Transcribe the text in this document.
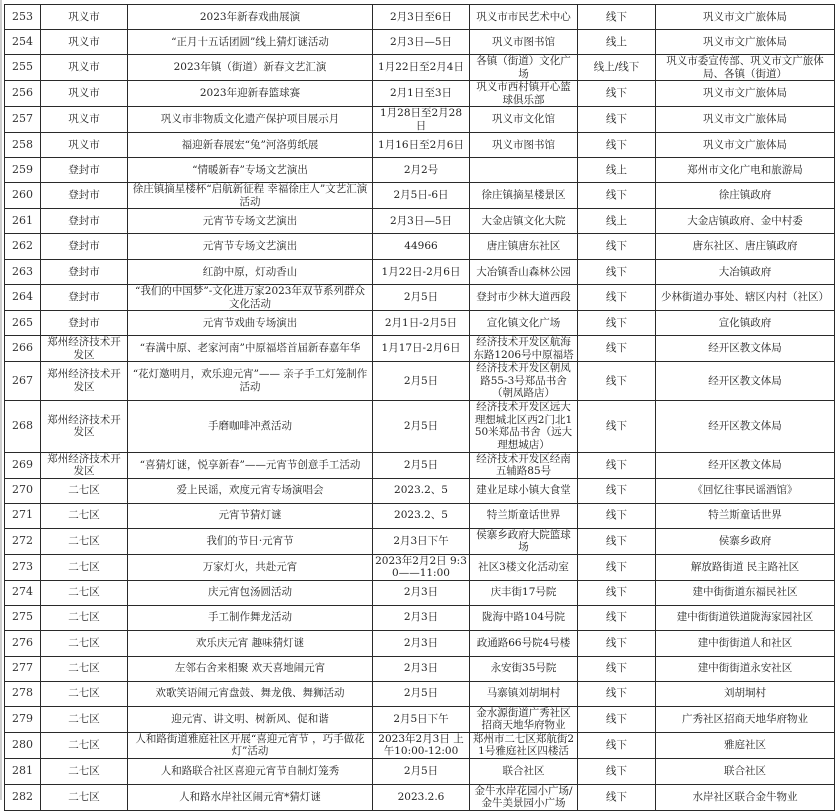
253	巩义市	2023年新春戏曲展演	2月3日至6日	巩义市市民艺术中心	线下	巩义市文广旅体局
254	巩义市	“正月十五话团圆”线上猜灯谜活动	2月3日—5日	巩义市图书馆	线上	巩义市文广旅体局
255	巩义市	2023年镇（街道）新春文艺汇演	1月22日至2月4日	各镇（街道）文化广场	线上/线下	巩义市委宣传部、巩义市文广旅体局、各镇（街道）
256	巩义市	2023年迎新春篮球赛	2月1日至3日	巩义市西村镇开心篮球俱乐部	线下	巩义市文广旅体局
257	巩义市	巩义市非物质文化遗产保护项目展示月	1月28日至2月28日	巩义市文化馆	线下	巩义市文广旅体局
258	巩义市	福迎新春展宏“兔”河洛剪纸展	1月16日至2月6日	巩义市图书馆	线下	巩义市文广旅体局
259	登封市	“情暖新春”专场文艺演出	2月2号		线上	郑州市文化广电和旅游局
260	登封市	徐庄镇摘星楼杯“启航新征程 幸福徐庄人”文艺汇演活动	2月5日-6日	徐庄镇摘星楼景区	线下	徐庄镇政府
261	登封市	元宵节专场文艺演出	2月3日—5日	大金店镇文化大院	线上	大金店镇政府、金中村委
262	登封市	元宵节专场文艺演出	44966	唐庄镇唐东社区	线下	唐东社区、唐庄镇政府
263	登封市	红韵中原，灯动香山	1月22日-2月6日	大冶镇香山森林公园	线下	大冶镇政府
264	登封市	“我们的中国梦”-文化进万家2023年双节系列群众文化活动	2月5日	登封市少林大道西段	线下	少林街道办事处、辖区内村（社区）
265	登封市	元宵节戏曲专场演出	2月1日-2月5日	宣化镇文化广场	线下	宣化镇政府
266	郑州经济技术开发区	“春满中原、老家河南”中原福塔首届新春嘉年华	1月17日-2月6日	经济技术开发区航海东路1206号中原福塔	线下	经开区教文体局
267	郑州经济技术开发区	“花灯邀明月，欢乐迎元宵”—— 亲子手工灯笼制作活动	2月5日	经济技术开发区朝凤路55-3号郑品书舍（朝凤路店）	线下	经开区教文体局
268	郑州经济技术开发区	手磨咖啡冲煮活动	2月5日	经济技术开发区远大理想城北区西2门北150米郑品书舍（远大理想城店）	线下	经开区教文体局
269	郑州经济技术开发区	“喜猜灯谜，悦享新春”——元宵节创意手工活动	2月5日	经济技术开发区经南五辅路85号	线下	经开区教文体局
270	二七区	爱上民谣，欢度元宵专场演唱会	2023.2、5	建业足球小镇大食堂	线下	《回忆往事民谣酒馆》
271	二七区	元宵节猜灯谜	2023.2、5	特兰斯童话世界	线下	特兰斯童话世界
272	二七区	我们的节日·元宵节	2月3日下午	侯寨乡政府大院篮球场	线下	侯寨乡政府
273	二七区	万家灯火，共赴元宵	2023年2月2日 9:30——11:00	社区3楼文化活动室	线下	解放路街道 民主路社区
274	二七区	庆元宵包汤圆活动	2月3日	庆丰街17号院	线下	建中街街道东福民社区
275	二七区	手工制作舞龙活动	2月3日	陇海中路104号院	线下	建中街街道铁道陇海家园社区
276	二七区	欢乐庆元宵 趣味猜灯谜	2月3日	政通路66号院4号楼	线下	建中街街道人和社区
277	二七区	左邻右舍来相聚 欢天喜地闹元宵	2月3日	永安街35号院	线下	建中街街道永安社区
278	二七区	欢歌笑语闹元宵盘鼓、舞龙俄、舞狮活动	2月5日	马寨镇刘胡垌村	线下	刘胡垌村
279	二七区	迎元宵、讲文明、树新风、促和谐	2月5日下午	金水源街道广秀社区招商天地华府物业	线下	广秀社区招商天地华府物业
280	二七区	人和路街道雅庭社区开展“喜迎元宵节 ，巧手做花灯”活动	2023年2月3日 上午10:00-12:00	郑州市二七区郑航街21号雅庭社区四楼活	线下	雅庭社区
281	二七区	人和路联合社区喜迎元宵节自制灯笼秀	2月5日	联合社区	线下	联合社区
282	二七区	人和路水岸社区闹元宵*猜灯谜	2023.2.6	金牛水岸花园小广场/金牛美景园小广场	线下	水岸社区联合金牛物业
